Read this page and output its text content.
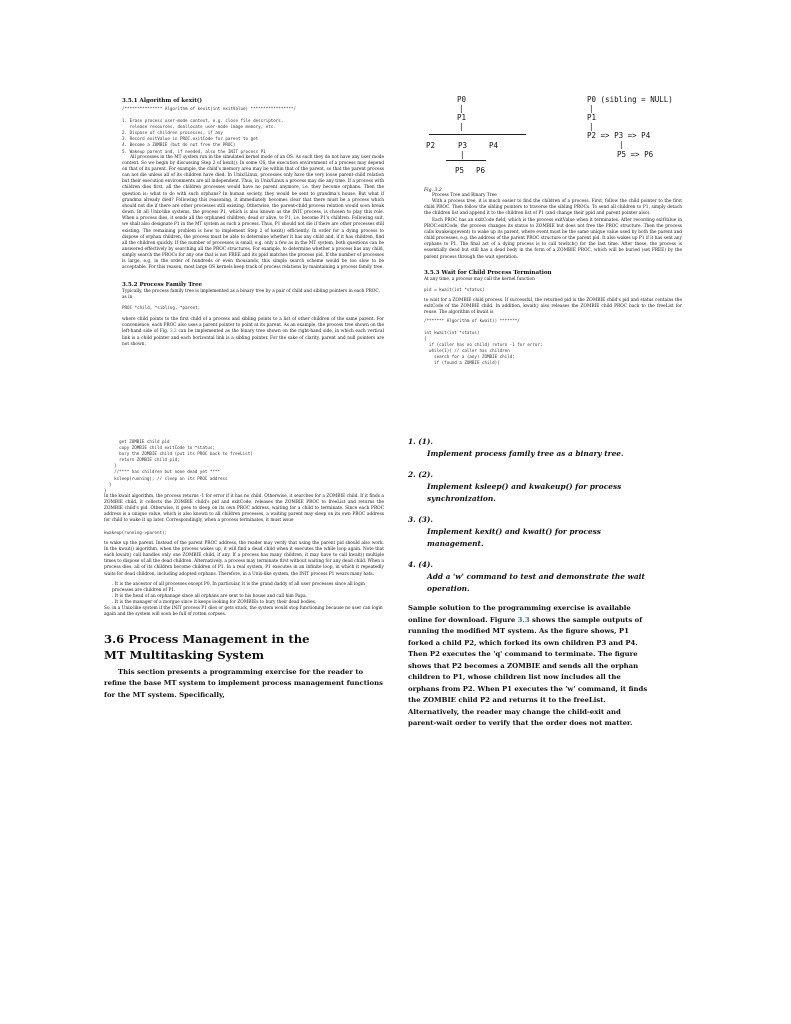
3.5.1 Algorithm of kexit()
/*************** Algorithm of kexit(int exitValue) *****************/
1. Erase process user-mode context, e.g. close file descriptors,
release resources, deallocate user-mode image memory, etc.
2. Dispose of children processes, if any
3. Record exitValue in PROC.exitCode for parent to get
4. Become a ZOMBIE (but do not free the PROC)
5. Wakeup parent and, if needed, also the INIT process P1

All processes in the MT system run in the simulated kernel mode of an OS. As such they do not have any user mode context. So we begin by discussing Step 2 of kexit(). In some OS, the execution environment of a process may depend on that of its parent. For example, the child's memory area may be within that of the parent, so that the parent process can not die unless all of its children have died. In Unix/Linux, processes only have the very loose parent-child relation but their execution environments are all independent. Thus, in Unix/Linux a process may die any time. If a process with children dies first, all the children processes would have no parent anymore, i.e. they become orphans. Then the question is: what to do with such orphans? In human society, they would be sent to grandma's house. But what if grandma already died? Following this reasoning, it immediately becomes clear that there must be a process which should not die if there are other processes still existing. Otherwise, the parent-child process relation would soon break down. In all Unix-like systems, the process P1, which is also known as the INIT process, is chosen to play this role. When a process dies, it sends all the orphaned children, dead or alive, to P1, i.e. become P1's children. Following suit, we shall also designate P1 in the MT system as such a process. Thus, P1 should not die if there are other processes still existing. The remaining problem is how to implement Step 2 of kexit() efficiently. In order for a dying process to dispose of orphan children, the process must be able to determine whether it has any child and, if it has children, find all the children quickly. If the number of processes is small, e.g. only a few as in the MT system, both questions can be answered effectively by searching all the PROC structures. For example, to determine whether a process has any child, simply search the PROCs for any one that is not FREE and its ppid matches the process pid. If the number of processes is large, e.g. in the order of hundreds or even thousands, this simple search scheme would be too slow to be acceptable. For this reason, most large OS kernels keep track of process relations by maintaining a process family tree.

3.5.2 Process Family Tree

Typically, the process family tree is implemented as a binary tree by a pair of child and sibling pointers in each PROC, as in

PROC *child, *sibling, *parent;

where child points to the first child of a process and sibling points to a list of other children of the same parent. For convenience, each PROC also uses a parent pointer to point at its parent. As an example, the process tree shown on the left-hand side of Fig. 3.2 can be implemented as the binary tree shown on the right-hand side, in which each vertical link is a child pointer and each horizontal link is a sibling pointer. For the sake of clarity, parent and null pointers are not shown.

P0

|

P1

|

P2

	P3

	P4

|

P5

P6

P0 (sibling = NULL)

|

P1

|

P2 => P3 => P4

|

P5 => P6

Fig. 3.2
Process Tree and Binary Tree

With a process tree, it is much easier to find the children of a process. First, follow the child pointer to the first child PROC. Then follow the sibling pointers to traverse the sibling PROCs. To send all children to P1, simply detach the children list and append it to the children list of P1 (and change their ppid and parent pointer also).

Each PROC has an exitCode field, which is the process exitValue when it terminates. After recording exitValue in PROC.exitCode, the process changes its status to ZOMBIE but does not free the PROC structure. Then the process calls kwakeup(event) to wake up its parent, where event must be the same unique value used by both the parent and child processes, e.g. the address of the parent PROC structure or the parent pid. It also wakes up P1 if it has sent any orphans to P1. The final act of a dying process is to call tswitch() for the last time. After these, the process is essentially dead but still has a dead body in the form of a ZOMBIE PROC, which will be buried (set FREE) by the parent process through the wait operation.

3.5.3 Wait for Child Process Termination

At any time, a process may call the kernel function

pid = kwait(int *status)

to wait for a ZOMBIE child process. If successful, the returned pid is the ZOMBIE child's pid and status contains the exitCode of the ZOMBIE child. In addition, kwait() also releases the ZOMBIE child PROC back to the freeList for reuse. The algorithm of kwait is

/******* Algorithm of kwait() *******/
int kwait(int *status)
{
if (caller has no child) return -1 for error;
while(1){ // caller has children
search for a (any) ZOMBIE child;
if (found a ZOMBIE child){
get ZOMBIE child pid
copy ZOMBIE child exitCode to *status;
bury the ZOMBIE child (put its PROC back to freeList)
return ZOMBIE child pid;
}
//**** has children but none dead yet ****
ksleep(running); // sleep on its PROC address
}
}

In the kwait algorithm, the process returns -1 for error if it has no child. Otherwise, it searches for a ZOMBIE child. If it finds a ZOMBIE child, it collects the ZOMBIE child's pid and exitCode, releases the ZOMBIE PROC to freeList and returns the ZOMBIE child's pid. Otherwise, it goes to sleep on its own PROC address, waiting for a child to terminate. Since each PROC address is a unique value, which is also known to all children processes, a waiting parent may sleep on its own PROC address for child to wake it up later. Correspondingly, when a process terminates, it must issue

kwakeup(running->parent);

to wake up the parent. Instead of the parent PROC address, the reader may verify that using the parent pid should also work. In the kwait() algorithm, when the process wakes up, it will find a dead child when it executes the while loop again. Note that each kwait() call handles only one ZOMBIE child, if any. If a process has many children, it may have to call kwait() multiple times to dispose of all the dead children. Alternatively, a process may terminate first without waiting for any dead child. When a process dies, all of its children become children of P1. In a real system, P1 executes in an infinite loop, in which it repeatedly waits for dead children, including adopted orphans. Therefore, in a Unix-like system, the INIT process P1 wears many hats.

. It is the ancestor of all processes except P0. In particular, it is the grand daddy of all user processes since all login processes are children of P1.
. It is the head of an orphanage since all orphans are sent to his house and call him Papa.
. It is the manager of a morgue since it keeps looking for ZOMBIEs to bury their dead bodies.

So, in a Unix-like system if the INIT process P1 dies or gets stuck, the system would stop functioning because no user can login again and the system will soon be full of rotten corpses.

3.6 Process Management in the MT Multitasking System

This section presents a programming exercise for the reader to refine the base MT system to implement process management functions for the MT system. Specifically,

1. (1).
Implement process family tree as a binary tree.
2. (2).
Implement ksleep() and kwakeup() for process synchronization.
3. (3).
Implement kexit() and kwait() for process management.
4. (4).
Add a 'w' command to test and demonstrate the wait operation.

Sample solution to the programming exercise is available online for download. Figure 3.3 shows the sample outputs of running the modified MT system. As the figure shows, P1 forked a child P2, which forked its own children P3 and P4. Then P2 executes the 'q' command to terminate. The figure shows that P2 becomes a ZOMBIE and sends all the orphan children to P1, whose children list now includes all the orphans from P2. When P1 executes the 'w' command, it finds the ZOMBIE child P2 and returns it to the freeList. Alternatively, the reader may change the child-exit and parent-wait order to verify that the order does not matter.
